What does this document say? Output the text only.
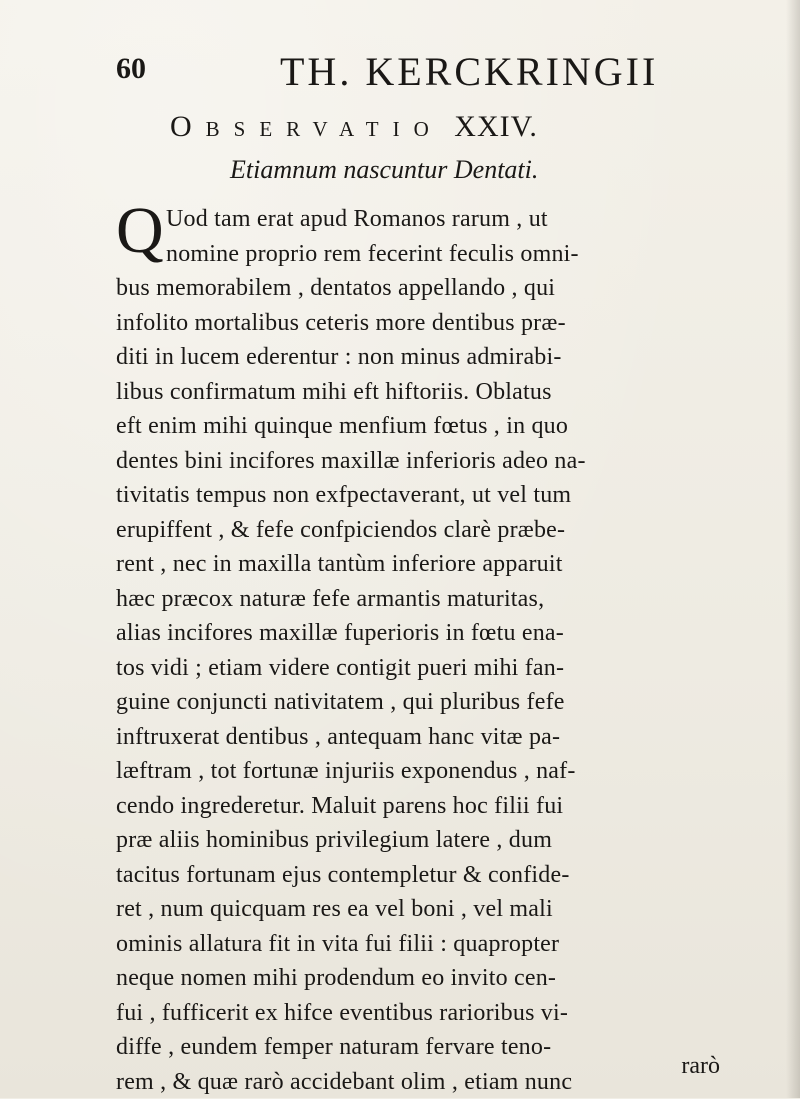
60	TH. KERCKRINGII
Observatio XXIV.
Etiamnum nascuntur Dentati.
Q Uod tam erat apud Romanos rarum , ut
nomine proprio rem fecerint feculis omni-
bus memorabilem , dentatos appellando , qui
infolito mortalibus ceteris more dentibus præ-
diti in lucem ederentur : non minus admirabi-
libus confirmatum mihi eft hiftoriis. Oblatus
eft enim mihi quinque menfium fœtus , in quo
dentes bini incifores maxillæ inferioris adeo na-
tivitatis tempus non exfpectaverant, ut vel tum
erupiffent , & fefe confpiciendos clarè præbe-
rent , nec in maxilla tantùm inferiore apparuit
hæc præcox naturæ fefe armantis maturitas,
alias incifores maxillæ fuperioris in fœtu ena-
tos vidi ; etiam videre contigit pueri mihi fan-
guine conjuncti nativitatem , qui pluribus fefe
inftruxerat dentibus , antequam hanc vitæ pa-
læftram , tot fortunæ injuriis exponendus , naf-
cendo ingrederetur. Maluit parens hoc filii fui
præ aliis hominibus privilegium latere , dum
tacitus fortunam ejus contempletur & confide-
ret , num quicquam res ea vel boni , vel mali
ominis allatura fit in vita fui filii : quapropter
neque nomen mihi prodendum eo invito cen-
fui , fufficerit ex hifce eventibus rarioribus vi-
diffe , eundem femper naturam fervare teno-
rem , & quæ rarò accidebant olim , etiam nunc
rarò
